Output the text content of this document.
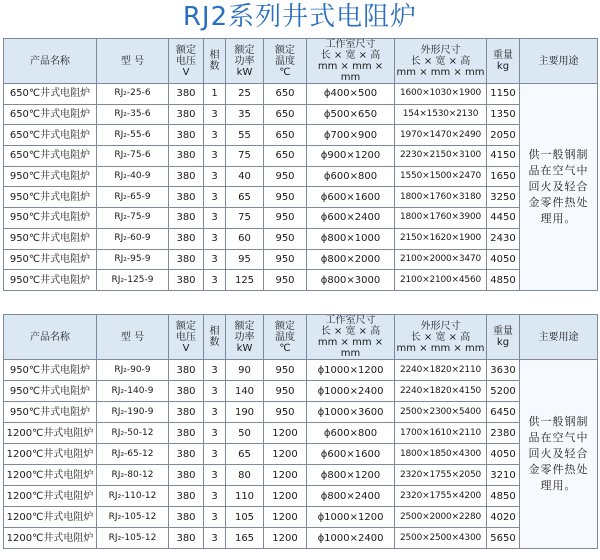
RJ2系列井式电阻炉
产品名称	型 号	额定
电压
V	相
数	额定
功率
kW	额定
温度
℃	工作室尺寸
长 × 宽 × 高
mm × mm × mm	外形尺寸
长 × 宽 × 高
mm × mm × mm	重量
kg	主要用途
650℃井式电阻炉	RJ₂-25-6	380	1	25	650	ϕ400×500	1600×1030×1900	1150	供一般钢制品在空气中回火及轻合金零件热处理用。
650℃井式电阻炉	RJ₂-35-6	380	3	35	650	ϕ500×650	154×1530×2130	1350	
650℃井式电阻炉	RJ₂-55-6	380	3	55	650	ϕ700×900	1970×1470×2490	2050	
650℃井式电阻炉	RJ₂-75-6	380	3	75	650	ϕ900×1200	2230×2150×3100	4150	
950℃井式电阻炉	RJ₂-40-9	380	3	40	950	ϕ600×800	1550×1500×2470	1650	
950℃井式电阻炉	RJ₂-65-9	380	3	65	950	ϕ600×1600	1800×1760×3180	3250	
950℃井式电阻炉	RJ₂-75-9	380	3	75	950	ϕ600×2400	1800×1760×3900	4450	
950℃井式电阻炉	RJ₂-60-9	380	3	60	950	ϕ800×1000	2150×1620×1900	2430	
950℃井式电阻炉	RJ₂-95-9	380	3	95	950	ϕ800×2000	2100×2000×3470	4050	
950℃井式电阻炉	RJ₂-125-9	380	3	125	950	ϕ800×3000	2100×2100×4560	4850	
产品名称	型 号	额定
电压
V	相
数	额定
功率
kW	额定
温度
℃	工作室尺寸
长 × 宽 × 高
mm × mm × mm	外形尺寸
长 × 宽 × 高
mm × mm × mm	重量
kg	主要用途
950℃井式电阻炉	RJ₂-90-9	380	3	90	950	ϕ1000×1200	2240×1820×2110	3630	供一般钢制品在空气中回火及轻合金零件热处理用。
950℃井式电阻炉	RJ₂-140-9	380	3	140	950	ϕ1000×2400	2240×1820×4150	5200	
950℃井式电阻炉	RJ₂-190-9	380	3	190	950	ϕ1000×3600	2500×2300×5400	6450	
1200℃井式电阻炉	RJ₂-50-12	380	3	50	1200	ϕ600×800	1700×1610×2110	2380	
1200℃井式电阻炉	RJ₂-65-12	380	3	65	1200	ϕ600×1600	1800×1850×4300	4050	
1200℃井式电阻炉	RJ₂-80-12	380	3	80	1200	ϕ800×1200	2320×1755×2050	3210	
1200℃井式电阻炉	RJ₂-110-12	380	3	110	1200	ϕ800×2400	2320×1755×4200	4850	
1200℃井式电阻炉	RJ₂-105-12	380	3	105	1200	ϕ1000×1200	2500×2000×2280	4020	
1200℃井式电阻炉	RJ₂-105-12	380	3	165	1200	ϕ1000×2400	2500×2500×4300	5650	
